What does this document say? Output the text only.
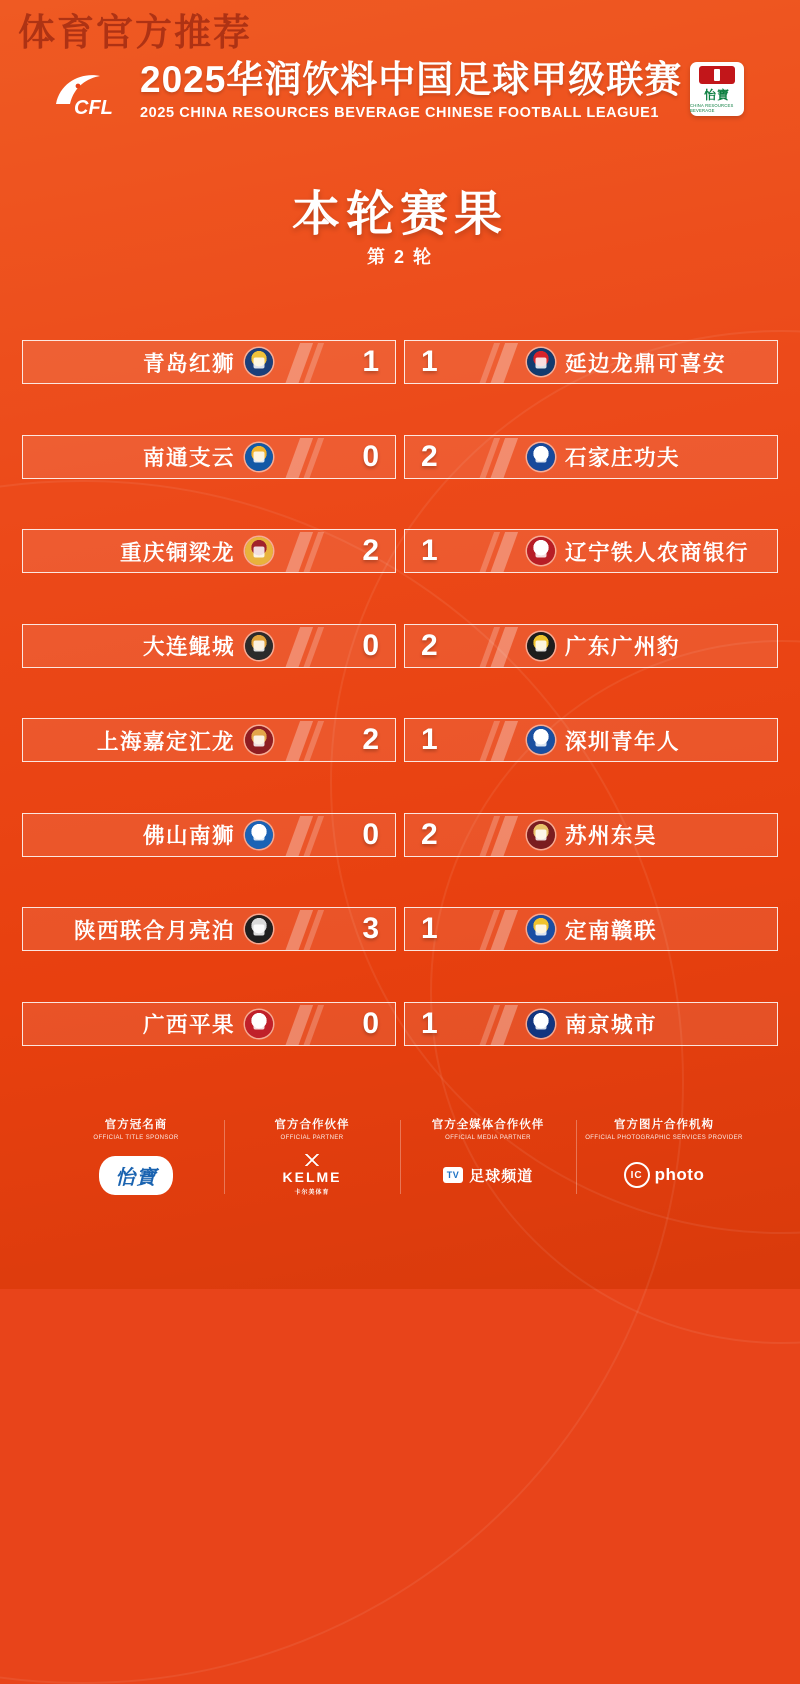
体育官方推荐
CFL
2025华润饮料中国足球甲级联赛
2025 CHINA RESOURCES BEVERAGE CHINESE FOOTBALL LEAGUE1
怡寶
CHINA RESOURCES BEVERAGE
本轮赛果
第 2 轮
青岛红狮	1 1	延边龙鼎可喜安
南通支云	0 2	石家庄功夫
重庆铜梁龙	2 1	辽宁铁人农商银行
大连鲲城	0 2	广东广州豹
上海嘉定汇龙	2 1	深圳青年人
佛山南狮	0 2	苏州东吴
陕西联合月亮泊	3 1	定南赣联
广西平果	0 1	南京城市
官方冠名商
OFFICIAL TITLE SPONSOR
怡寶
官方合作伙伴
OFFICIAL PARTNER
KELME
卡尔美体育
官方全媒体合作伙伴
OFFICIAL MEDIA PARTNER
TV 足球频道
官方图片合作机构
OFFICIAL PHOTOGRAPHIC SERVICES PROVIDER
IC photo
